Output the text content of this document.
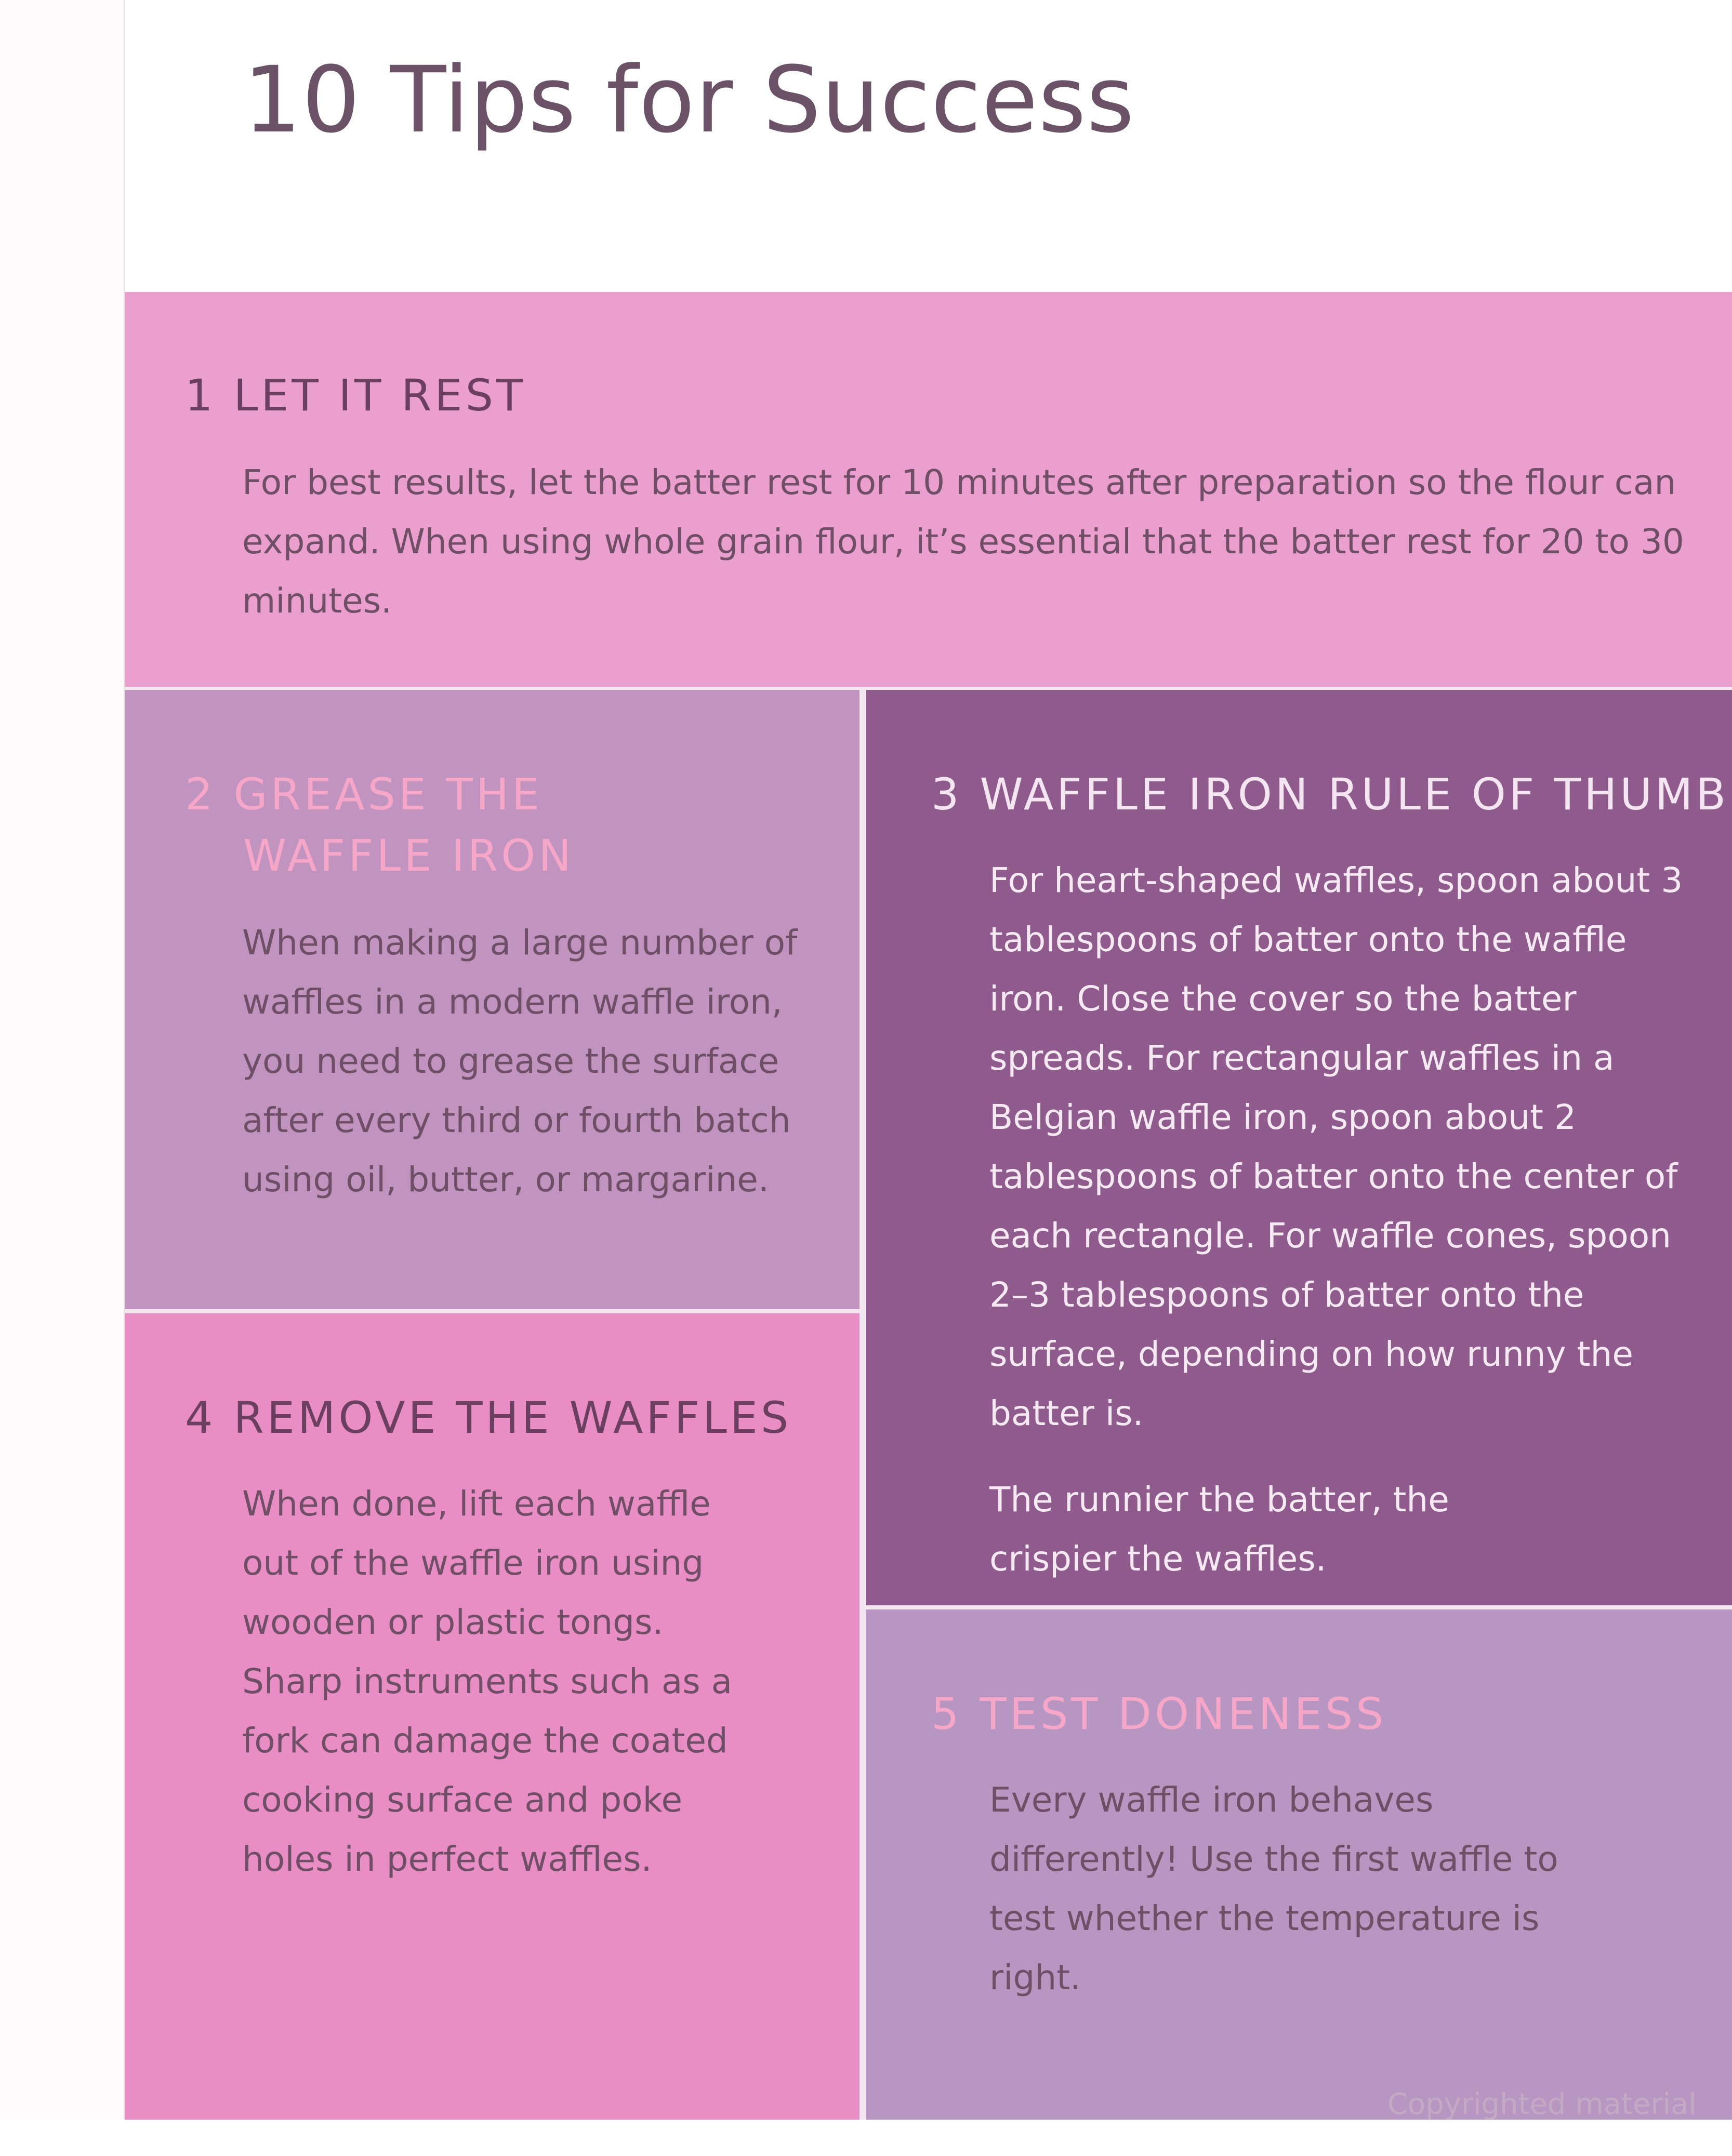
10 Tips for Success
1 LET IT REST

For best results, let the batter rest for 10 minutes after preparation so the flour can expand. When using whole grain flour, it’s essential that the batter rest for 20 to 30 minutes.

2 GREASE THE
WAFFLE IRON

When making a large number of waffles in a modern waffle iron, you need to grease the surface after every third or fourth batch using oil, butter, or margarine.

3 WAFFLE IRON RULE OF THUMB

For heart-shaped waffles, spoon about 3 tablespoons of batter onto the waffle iron. Close the cover so the batter spreads. For rectangular waffles in a Belgian waffle iron, spoon about 2 tablespoons of batter onto the center of each rectangle. For waffle cones, spoon 2–3 tablespoons of batter onto the surface, depending on how runny the batter is.

The runnier the batter, the crispier the waffles.

4 REMOVE THE WAFFLES

When done, lift each waffle out of the waffle iron using wooden or plastic tongs. Sharp instruments such as a fork can damage the coated cooking surface and poke holes in perfect waffles.

5 TEST DONENESS

Every waffle iron behaves differently! Use the first waffle to test whether the temperature is right.

Copyrighted material
